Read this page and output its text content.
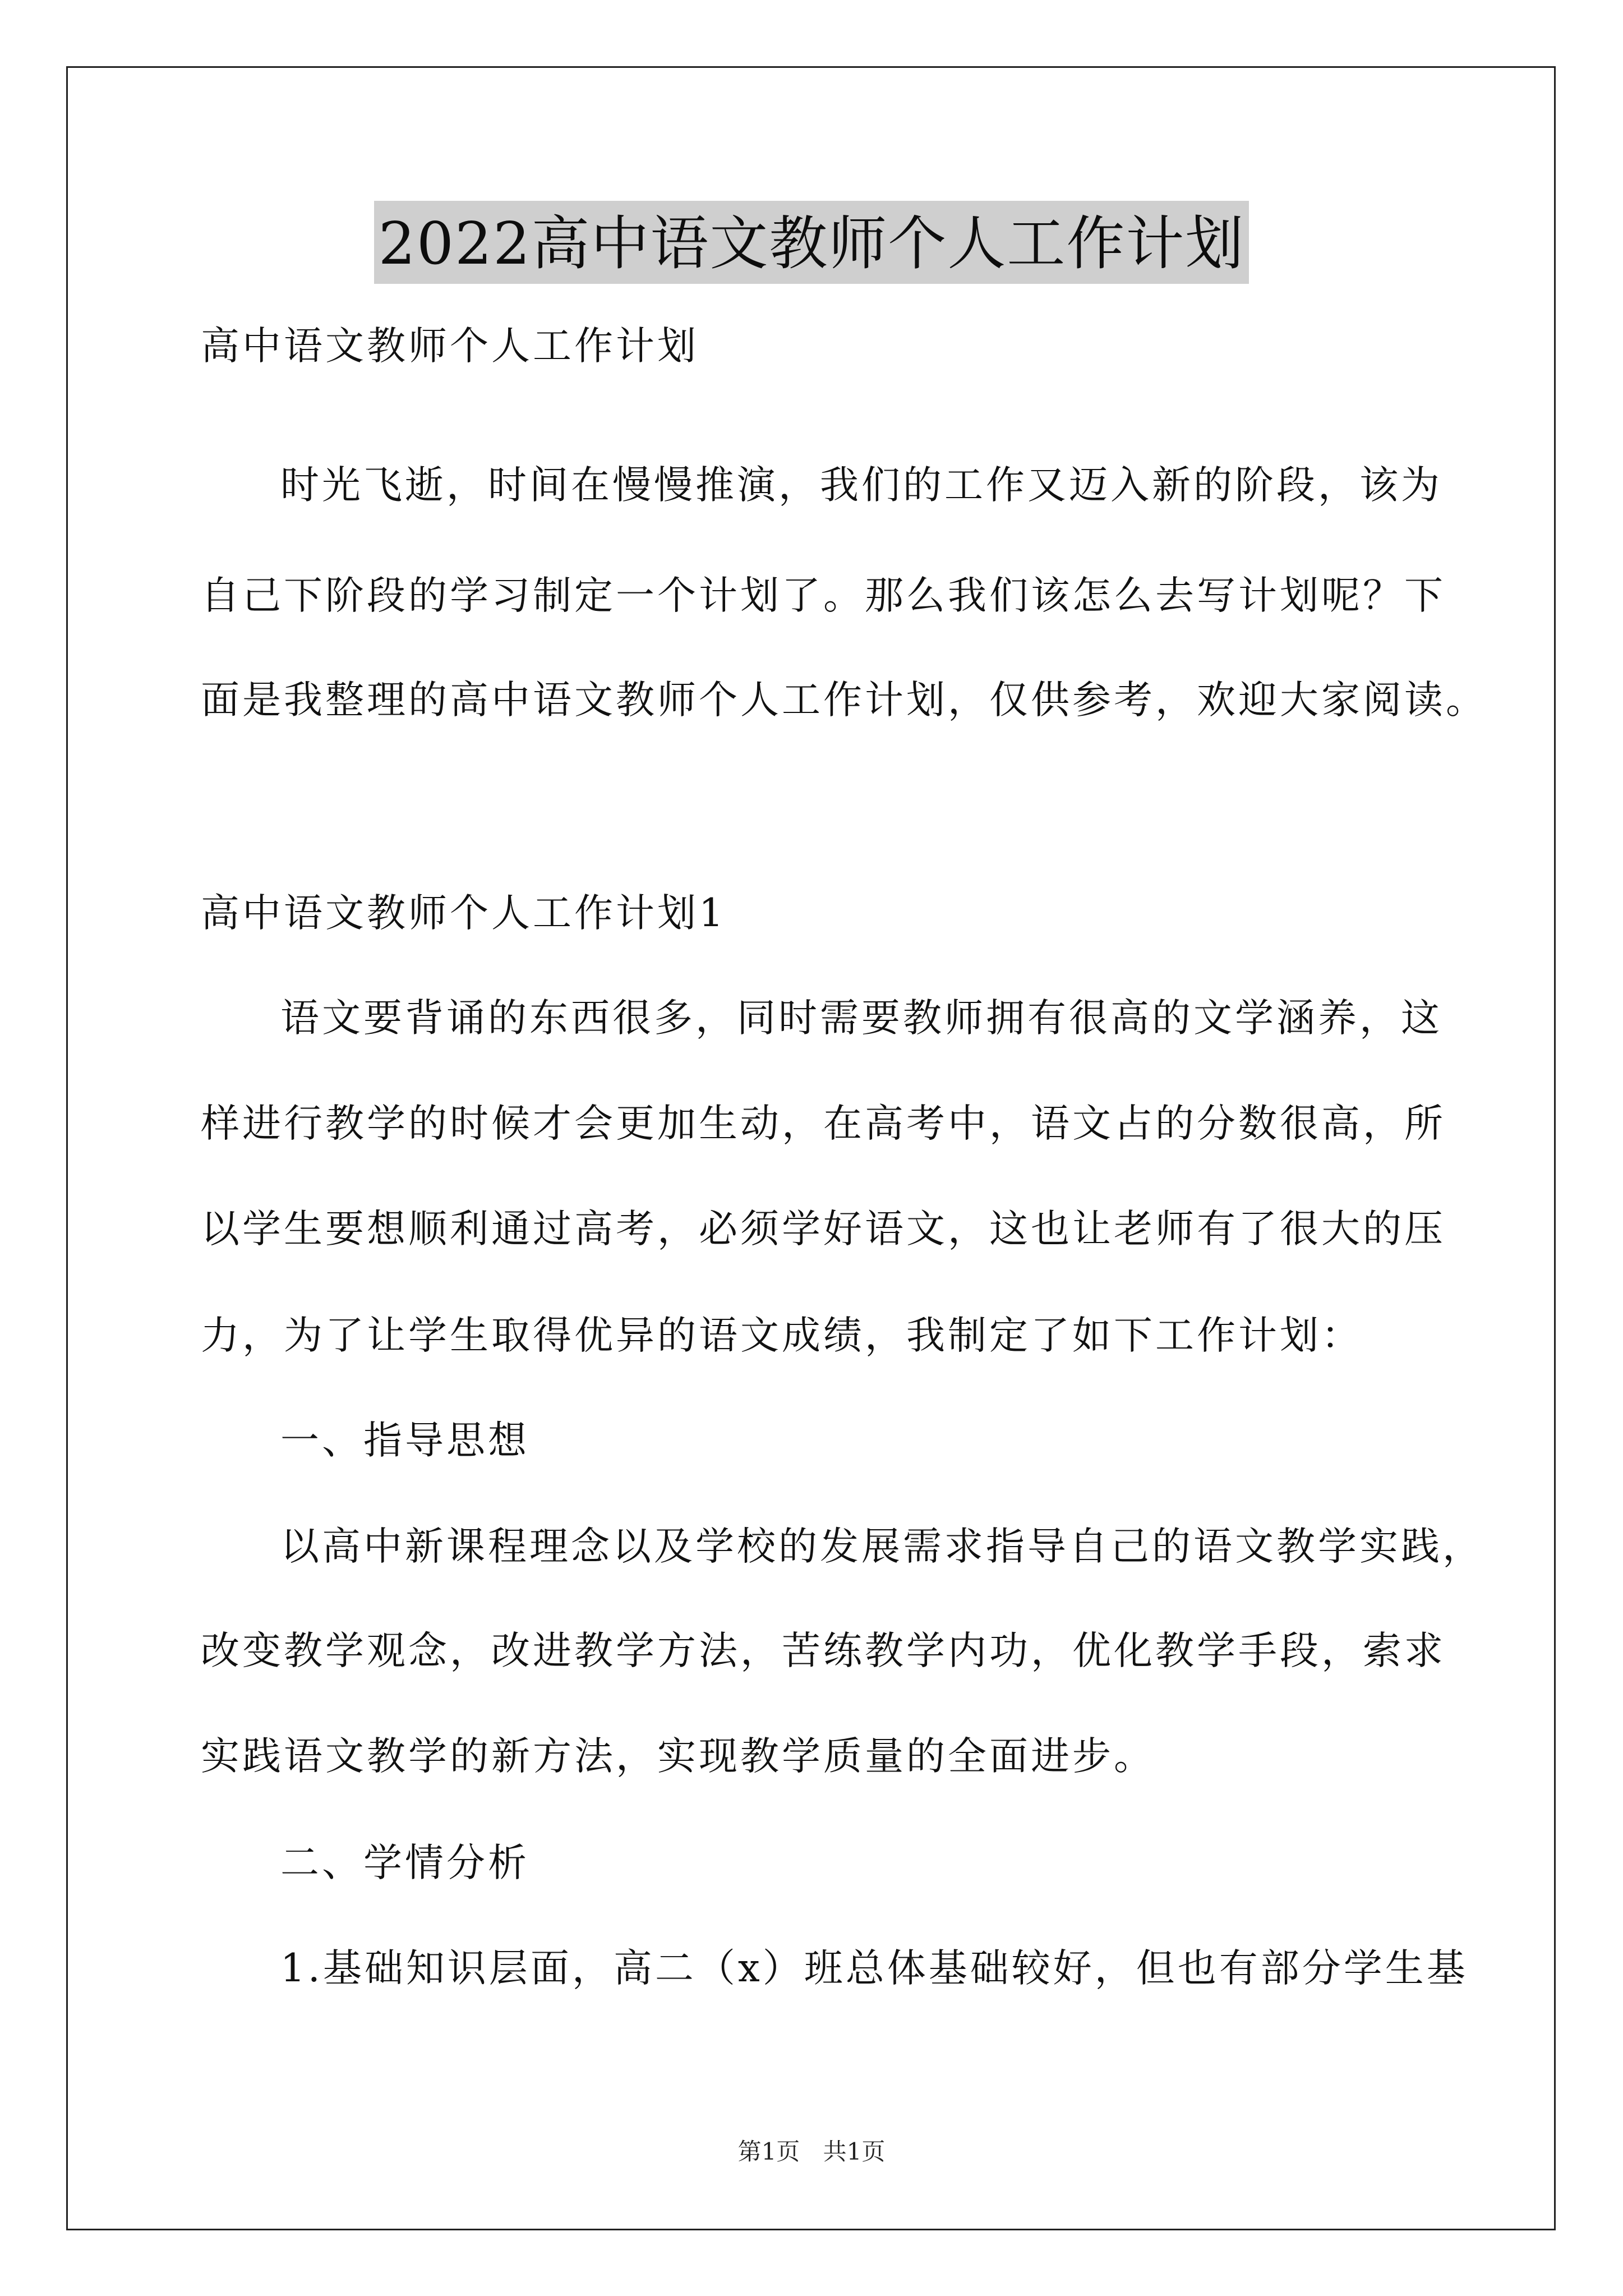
2022高中语文教师个人工作计划
高中语文教师个人工作计划
时光飞逝，时间在慢慢推演，我们的工作又迈入新的阶段，该为
自己下阶段的学习制定一个计划了。那么我们该怎么去写计划呢？下
面是我整理的高中语文教师个人工作计划，仅供参考，欢迎大家阅读。
高中语文教师个人工作计划1
语文要背诵的东西很多，同时需要教师拥有很高的文学涵养，这
样进行教学的时候才会更加生动，在高考中，语文占的分数很高，所
以学生要想顺利通过高考，必须学好语文，这也让老师有了很大的压
力，为了让学生取得优异的语文成绩，我制定了如下工作计划：
一、指导思想
以高中新课程理念以及学校的发展需求指导自己的语文教学实践，
改变教学观念，改进教学方法，苦练教学内功，优化教学手段，索求
实践语文教学的新方法，实现教学质量的全面进步。
二、学情分析
1.基础知识层面，高二（x）班总体基础较好，但也有部分学生基
第1页 共1页
